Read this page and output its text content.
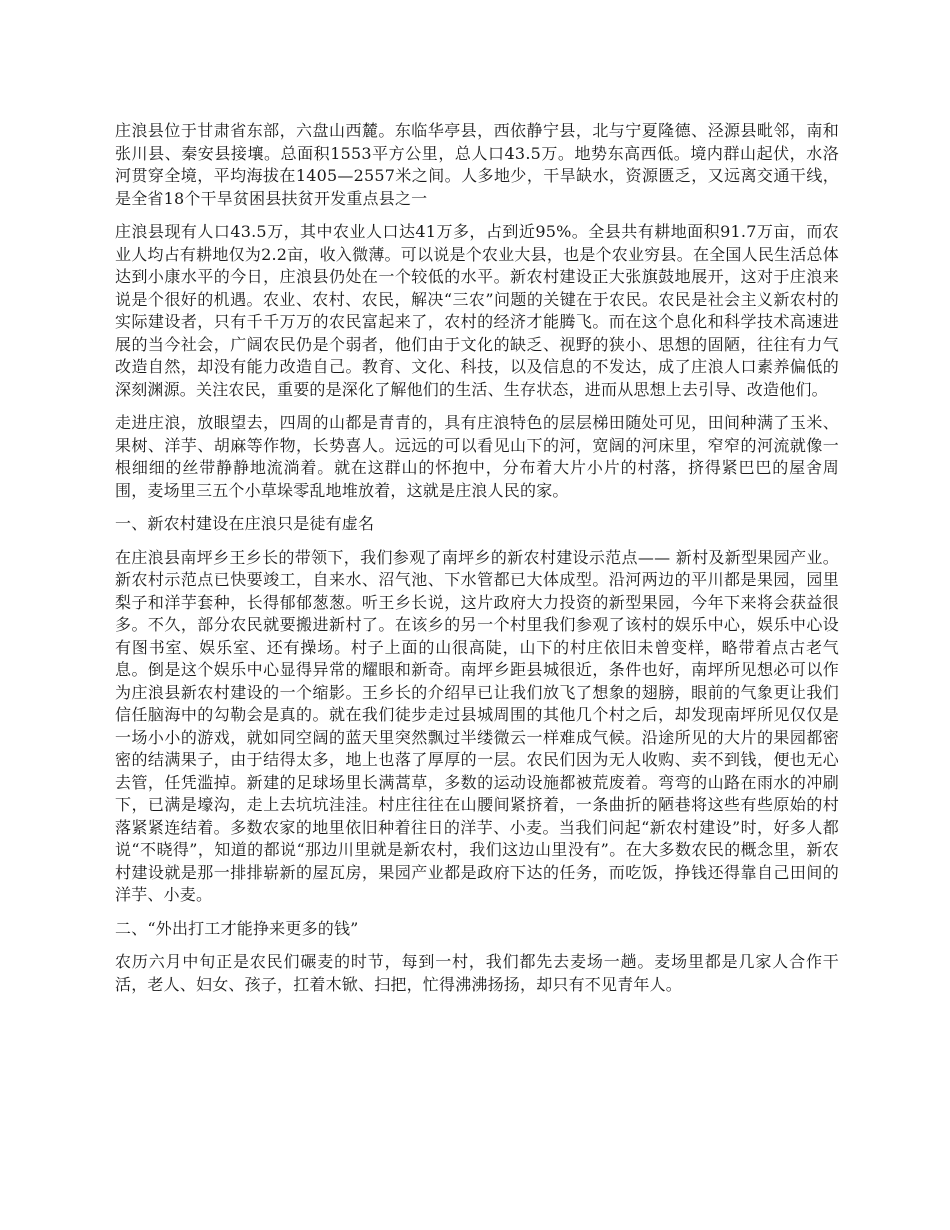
庄浪县位于甘肃省东部，六盘山西麓。东临华亭县，西依静宁县，北与宁夏隆德、泾源县毗邻，南和张川县、秦安县接壤。总面积1553平方公里，总人口43.5万。地势东高西低。境内群山起伏，水洛河贯穿全境，平均海拔在1405—2557米之间。人多地少，干旱缺水，资源匮乏，又远离交通干线，是全省18个干旱贫困县扶贫开发重点县之一

庄浪县现有人口43.5万，其中农业人口达41万多，占到近95%。全县共有耕地面积91.7万亩，而农业人均占有耕地仅为2.2亩，收入微薄。可以说是个农业大县，也是个农业穷县。在全国人民生活总体达到小康水平的今日，庄浪县仍处在一个较低的水平。新农村建设正大张旗鼓地展开，这对于庄浪来说是个很好的机遇。农业、农村、农民，解决“三农”问题的关键在于农民。农民是社会主义新农村的实际建设者，只有千千万万的农民富起来了，农村的经济才能腾飞。而在这个息化和科学技术高速进展的当今社会，广阔农民仍是个弱者，他们由于文化的缺乏、视野的狭小、思想的固陋，往往有力气改造自然，却没有能力改造自己。教育、文化、科技，以及信息的不发达，成了庄浪人口素养偏低的深刻渊源。关注农民，重要的是深化了解他们的生活、生存状态，进而从思想上去引导、改造他们。

走进庄浪，放眼望去，四周的山都是青青的，具有庄浪特色的层层梯田随处可见，田间种满了玉米、果树、洋芋、胡麻等作物，长势喜人。远远的可以看见山下的河，宽阔的河床里，窄窄的河流就像一根细细的丝带静静地流淌着。就在这群山的怀抱中，分布着大片小片的村落，挤得紧巴巴的屋舍周围，麦场里三五个小草垛零乱地堆放着，这就是庄浪人民的家。

一、新农村建设在庄浪只是徒有虚名

在庄浪县南坪乡王乡长的带领下，我们参观了南坪乡的新农村建设示范点—— 新村及新型果园产业。新农村示范点已快要竣工，自来水、沼气池、下水管都已大体成型。沿河两边的平川都是果园，园里梨子和洋芋套种，长得郁郁葱葱。听王乡长说，这片政府大力投资的新型果园，今年下来将会获益很多。不久，部分农民就要搬进新村了。在该乡的另一个村里我们参观了该村的娱乐中心，娱乐中心设有图书室、娱乐室、还有操场。村子上面的山很高陡，山下的村庄依旧未曾变样，略带着点古老气息。倒是这个娱乐中心显得异常的耀眼和新奇。南坪乡距县城很近，条件也好，南坪所见想必可以作为庄浪县新农村建设的一个缩影。王乡长的介绍早已让我们放飞了想象的翅膀，眼前的气象更让我们信任脑海中的勾勒会是真的。就在我们徒步走过县城周围的其他几个村之后，却发现南坪所见仅仅是一场小小的游戏，就如同空阔的蓝天里突然飘过半缕微云一样难成气候。沿途所见的大片的果园都密密的结满果子，由于结得太多，地上也落了厚厚的一层。农民们因为无人收购、卖不到钱，便也无心去管，任凭滥掉。新建的足球场里长满蒿草，多数的运动设施都被荒废着。弯弯的山路在雨水的冲刷下，已满是壕沟，走上去坑坑洼洼。村庄往往在山腰间紧挤着，一条曲折的陋巷将这些有些原始的村落紧紧连结着。多数农家的地里依旧种着往日的洋芋、小麦。当我们问起“新农村建设”时，好多人都说“不晓得”，知道的都说“那边川里就是新农村，我们这边山里没有”。在大多数农民的概念里，新农村建设就是那一排排崭新的屋瓦房，果园产业都是政府下达的任务，而吃饭，挣钱还得靠自己田间的洋芋、小麦。

二、“外出打工才能挣来更多的钱”

农历六月中旬正是农民们碾麦的时节，每到一村，我们都先去麦场一趟。麦场里都是几家人合作干活，老人、妇女、孩子，扛着木锨、扫把，忙得沸沸扬扬，却只有不见青年人。
